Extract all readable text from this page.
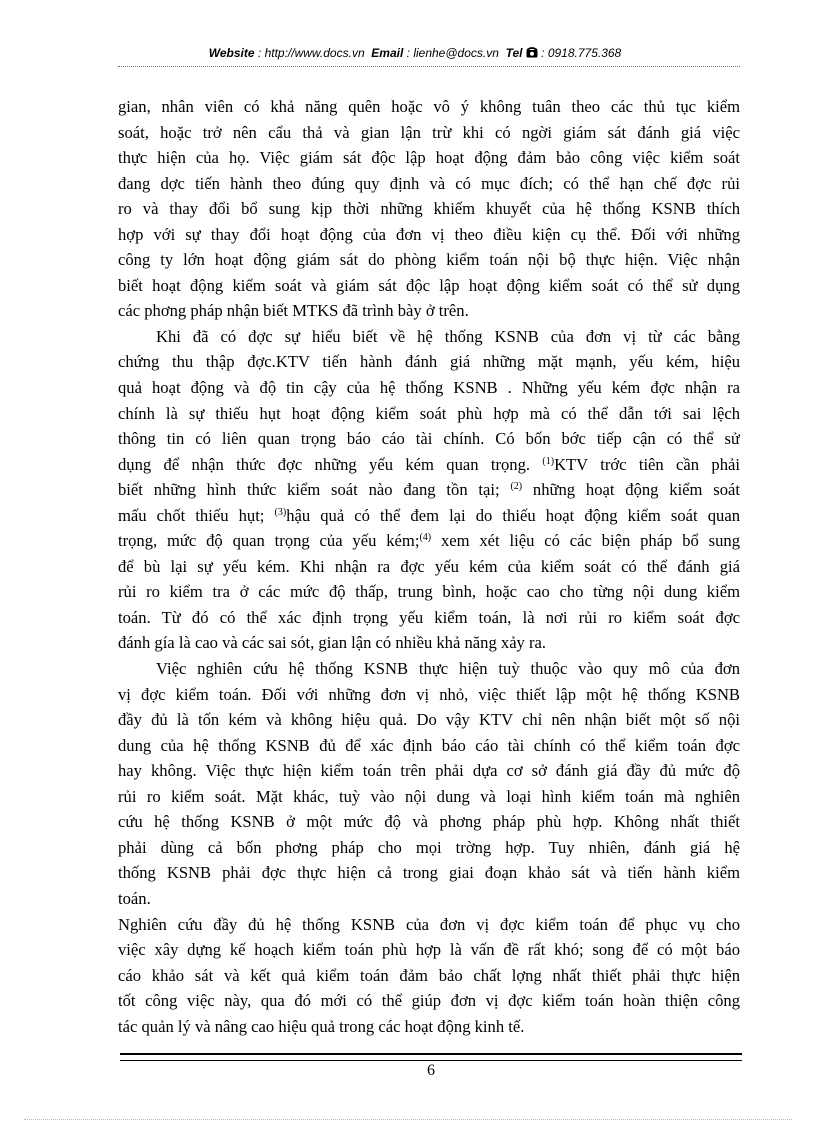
Website : http://www.docs.vn Email : lienhe@docs.vn Tel : 0918.775.368
gian, nhân viên có khả năng quên hoặc vô ý không tuân theo các thủ tục kiểm
soát, hoặc trở nên cẩu thả và gian lận trừ khi có ngời giám sát đánh giá việc
thực hiện của họ. Việc giám sát độc lập hoạt động đảm bảo công việc kiểm soát
đang dợc tiến hành theo đúng quy định và có mục đích; có thể hạn chế đợc rủi
ro và thay đổi bổ sung kịp thời những khiếm khuyết của hệ thống KSNB thích
hợp với sự thay đổi hoạt động của đơn vị theo điều kiện cụ thể. Đối với những
công ty lớn hoạt động giám sát do phòng kiểm toán nội bộ thực hiện. Việc nhận
biết hoạt động kiểm soát và giám sát độc lập hoạt động kiểm soát có thể sử dụng
các phơng pháp nhận biết MTKS đã trình bày ở trên.
Khi đã có đợc sự hiểu biết về hệ thống KSNB của đơn vị từ các bằng
chứng thu thập đợc.KTV tiến hành đánh giá những mặt mạnh, yếu kém, hiệu
quả hoạt động và độ tin cậy của hệ thống KSNB . Những yếu kém đợc nhận ra
chính là sự thiếu hụt hoạt động kiểm soát phù hợp mà có thể dẫn tới sai lệch
thông tin có liên quan trọng báo cáo tài chính. Có bốn bớc tiếp cận có thể sử
dụng để nhận thức đợc những yếu kém quan trọng. $^{(1)}$KTV trớc tiên cần phải
biết những hình thức kiểm soát nào đang tồn tại; $^{(2)}$ những hoạt động kiểm soát
mấu chốt thiếu hụt; $^{(3)}$hậu quả có thể đem lại do thiếu hoạt động kiểm soát quan
trọng, mức độ quan trọng của yếu kém;$^{(4)}$ xem xét liệu có các biện pháp bổ sung
để bù lại sự yếu kém. Khi nhận ra đợc yếu kém của kiểm soát có thể đánh giá
rủi ro kiểm tra ở các mức độ thấp, trung bình, hoặc cao cho từng nội dung kiểm
toán. Từ đó có thể xác định trọng yếu kiểm toán, là nơi rủi ro kiểm soát đợc
đánh gía là cao và các sai sót, gian lận có nhiều khả năng xảy ra.
Việc nghiên cứu hệ thống KSNB thực hiện tuỳ thuộc vào quy mô của đơn
vị đợc kiểm toán. Đối với những đơn vị nhỏ, việc thiết lập một hệ thống KSNB
đầy đủ là tốn kém và không hiệu quả. Do vậy KTV chỉ nên nhận biết một số nội
dung của hệ thống KSNB đủ để xác định báo cáo tài chính có thể kiểm toán đợc
hay không. Việc thực hiện kiểm toán trên phải dựa cơ sở đánh giá đầy đủ mức độ
rủi ro kiểm soát. Mặt khác, tuỳ vào nội dung và loại hình kiểm toán mà nghiên
cứu hệ thống KSNB ở một mức độ và phơng pháp phù hợp. Không nhất thiết
phải dùng cả bốn phơng pháp cho mọi trờng hợp. Tuy nhiên, đánh giá hệ
thống KSNB phải đợc thực hiện cả trong giai đoạn khảo sát và tiến hành kiểm
toán.
Nghiên cứu đầy đủ hệ thống KSNB của đơn vị đợc kiểm toán để phục vụ cho
việc xây dựng kế hoạch kiểm toán phù hợp là vấn đề rất khó; song để có một báo
cáo khảo sát và kết quả kiểm toán đảm bảo chất lợng nhất thiết phải thực hiện
tốt công việc này, qua đó mới có thể giúp đơn vị đợc kiểm toán hoàn thiện công
tác quản lý và nâng cao hiệu quả trong các hoạt động kinh tế.
6
